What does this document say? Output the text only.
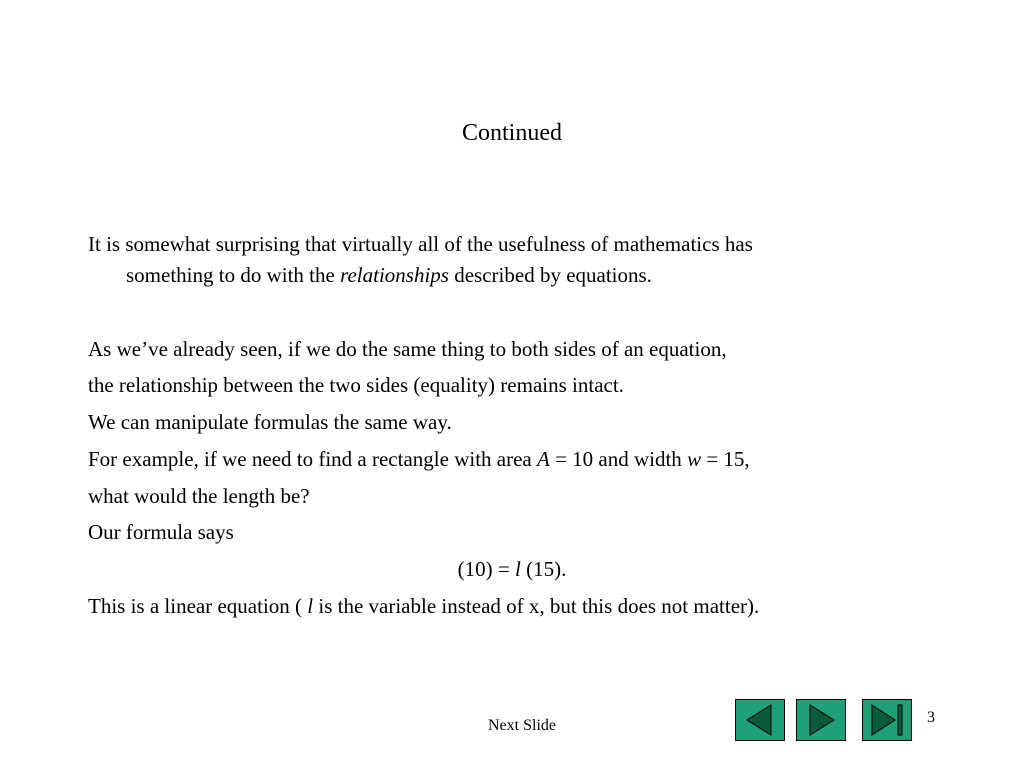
Continued
It is somewhat surprising that virtually all of the usefulness of mathematics has
something to do with the relationships described by equations.
As we’ve already seen, if we do the same thing to both sides of an equation,
the relationship between the two sides (equality) remains intact.
We can manipulate formulas the same way.
For example, if we need to find a rectangle with area A = 10 and width w = 15,
what would the length be?
Our formula says
(10) = l (15).
This is a linear equation ( l is the variable instead of x, but this does not matter).
Next Slide	3
